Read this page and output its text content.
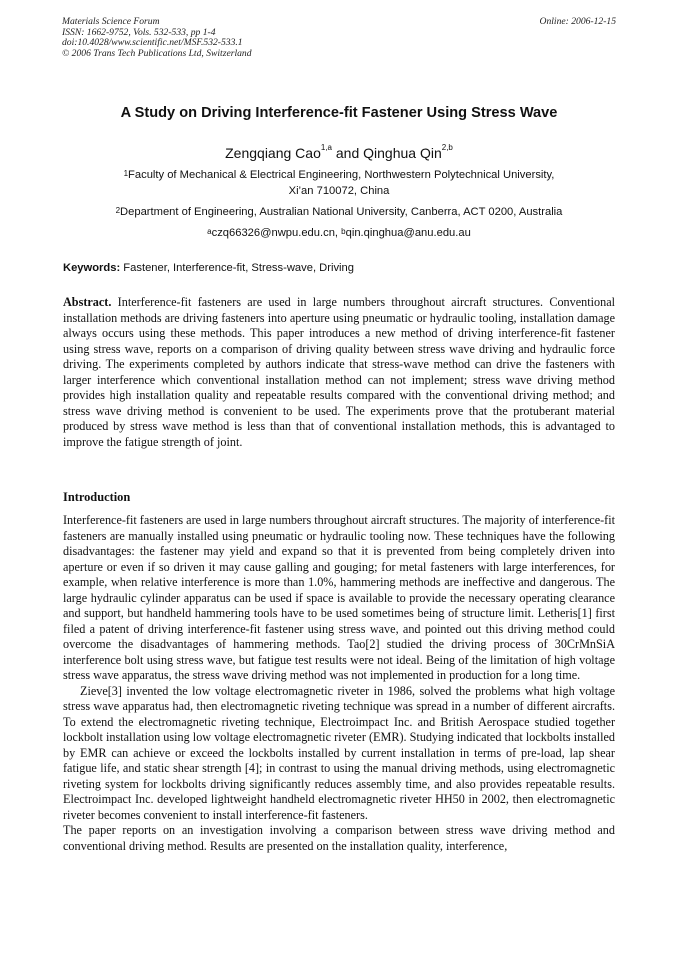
Materials Science Forum
ISSN: 1662-9752, Vols. 532-533, pp 1-4
doi:10.4028/www.scientific.net/MSF.532-533.1
© 2006 Trans Tech Publications Ltd, Switzerland
Online: 2006-12-15
A Study on Driving Interference-fit Fastener Using Stress Wave
Zengqiang Cao$^{1,a}$ and Qinghua Qin$^{2,b}$
$^1$Faculty of Mechanical & Electrical Engineering, Northwestern Polytechnical University,
Xi’an 710072, China
$^2$Department of Engineering, Australian National University, Canberra, ACT 0200, Australia
$^a$czq66326@nwpu.edu.cn, $^b$qin.qinghua@anu.edu.au
Keywords: Fastener, Interference-fit, Stress-wave, Driving

Abstract. Interference-fit fasteners are used in large numbers throughout aircraft structures. Conventional installation methods are driving fasteners into aperture using pneumatic or hydraulic tooling, installation damage always occurs using these methods. This paper introduces a new method of driving interference-fit fastener using stress wave, reports on a comparison of driving quality between stress wave driving and hydraulic force driving. The experiments completed by authors indicate that stress-wave method can drive the fasteners with larger interference which conventional installation method can not implement; stress wave driving method provides high installation quality and repeatable results compared with the conventional driving method; and stress wave driving method is convenient to be used. The experiments prove that the protuberant material produced by stress wave method is less than that of conventional installation methods, this is advantaged to improve the fatigue strength of joint.

Introduction

Interference-fit fasteners are used in large numbers throughout aircraft structures. The majority of interference-fit fasteners are manually installed using pneumatic or hydraulic tooling now. These techniques have the following disadvantages: the fastener may yield and expand so that it is prevented from being completely driven into aperture or even if so driven it may cause galling and gouging; for metal fasteners with large interferences, for example, when relative interference is more than 1.0%, hammering methods are ineffective and dangerous. The large hydraulic cylinder apparatus can be used if space is available to provide the necessary operating clearance and support, but handheld hammering tools have to be used sometimes being of structure limit. Letheris[1] first filed a patent of driving interference-fit fastener using stress wave, and pointed out this driving method could overcome the disadvantages of hammering methods. Tao[2] studied the driving process of 30CrMnSiA interference bolt using stress wave, but fatigue test results were not ideal. Being of the limitation of high voltage stress wave apparatus, the stress wave driving method was not implemented in production for a long time.

Zieve[3] invented the low voltage electromagnetic riveter in 1986, solved the problems what high voltage stress wave apparatus had, then electromagnetic riveting technique was spread in a number of different aircrafts. To extend the electromagnetic riveting technique, Electroimpact Inc. and British Aerospace studied together lockbolt installation using low voltage electromagnetic riveter (EMR). Studying indicated that lockbolts installed by EMR can achieve or exceed the lockbolts installed by current installation in terms of pre-load, lap shear fatigue life, and static shear strength [4]; in contrast to using the manual driving methods, using electromagnetic riveting system for lockbolts driving significantly reduces assembly time, and also provides repeatable results. Electroimpact Inc. developed lightweight handheld electromagnetic riveter HH50 in 2002, then electromagnetic riveter becomes convenient to install interference-fit fasteners.

The paper reports on an investigation involving a comparison between stress wave driving method and conventional driving method. Results are presented on the installation quality, interference,
